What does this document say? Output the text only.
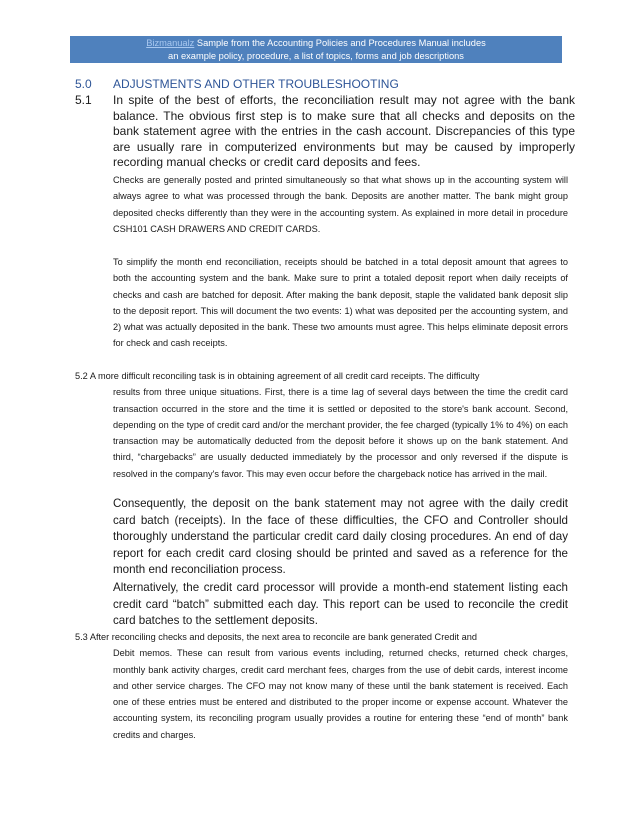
Bizmanualz Sample from the Accounting Policies and Procedures Manual includes
an example policy, procedure, a list of topics, forms and job descriptions
5.0 ADJUSTMENTS AND OTHER TROUBLESHOOTING
5.1 In spite of the best of efforts, the reconciliation result may not agree with the bank balance. The obvious first step is to make sure that all checks and deposits on the bank statement agree with the entries in the cash account. Discrepancies of this type are usually rare in computerized environments but may be caused by improperly recording manual checks or credit card deposits and fees.
Checks are generally posted and printed simultaneously so that what shows up in the accounting system will always agree to what was processed through the bank. Deposits are another matter. The bank might group deposited checks differently than they were in the accounting system. As explained in more detail in procedure CSH101 CASH DRAWERS AND CREDIT CARDS.
To simplify the month end reconciliation, receipts should be batched in a total deposit amount that agrees to both the accounting system and the bank. Make sure to print a totaled deposit report when daily receipts of checks and cash are batched for deposit. After making the bank deposit, staple the validated bank deposit slip to the deposit report. This will document the two events: 1) what was deposited per the accounting system, and 2) what was actually deposited in the bank. These two amounts must agree. This helps eliminate deposit errors for check and cash receipts.
5.2 A more difficult reconciling task is in obtaining agreement of all credit card receipts. The difficulty
results from three unique situations. First, there is a time lag of several days between the time the credit card transaction occurred in the store and the time it is settled or deposited to the store's bank account. Second, depending on the type of credit card and/or the merchant provider, the fee charged (typically 1% to 4%) on each transaction may be automatically deducted from the deposit before it shows up on the bank statement. And third, “chargebacks” are usually deducted immediately by the processor and only reversed if the dispute is resolved in the company's favor. This may even occur before the chargeback notice has arrived in the mail.
Consequently, the deposit on the bank statement may not agree with the daily credit card batch (receipts). In the face of these difficulties, the CFO and Controller should thoroughly understand the particular credit card daily closing procedures. An end of day report for each credit card closing should be printed and saved as a reference for the month end reconciliation process.
Alternatively, the credit card processor will provide a month-end statement listing each credit card “batch” submitted each day. This report can be used to reconcile the credit card batches to the settlement deposits.
5.3 After reconciling checks and deposits, the next area to reconcile are bank generated Credit and
Debit memos. These can result from various events including, returned checks, returned check charges, monthly bank activity charges, credit card merchant fees, charges from the use of debit cards, interest income and other service charges. The CFO may not know many of these until the bank statement is received. Each one of these entries must be entered and distributed to the proper income or expense account. Whatever the accounting system, its reconciling program usually provides a routine for entering these “end of month” bank credits and charges.
